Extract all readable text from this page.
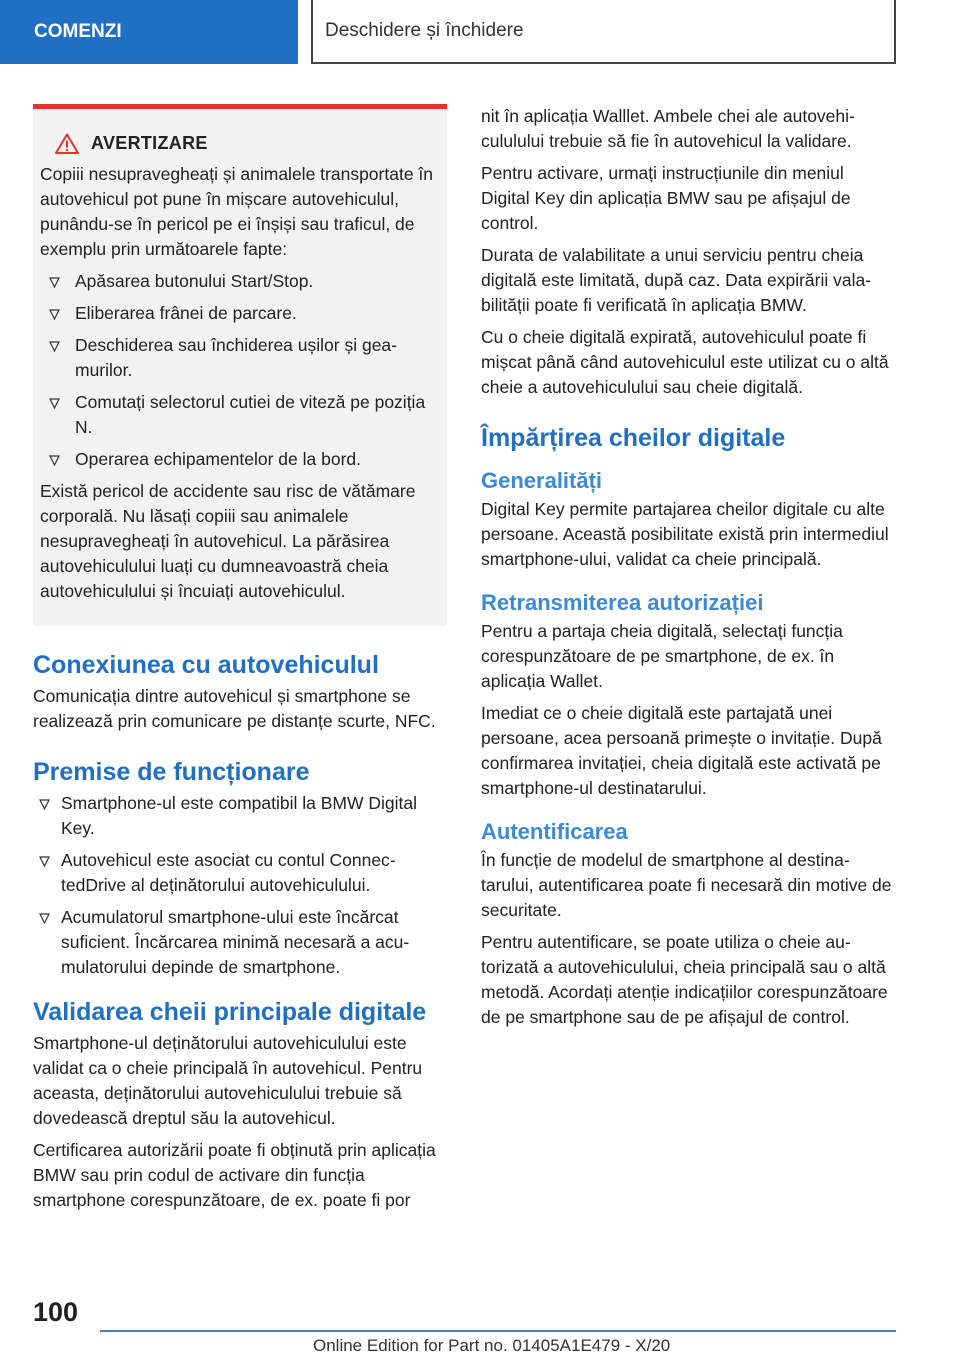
COMENZI	Deschidere și închidere
AVERTIZARE

Copiii nesupravegheați și animalele transportate în autovehicul pot pune în mișcare autovehiculul, punându-se în pericol pe ei înșiși sau traficul, de exemplu prin următoarele fapte:

Apăsarea butonului Start/Stop.
Eliberarea frânei de parcare.
Deschiderea sau închiderea ușilor și geamurilor.
Comutați selectorul cutiei de viteză pe poziția N.
Operarea echipamentelor de la bord.

Există pericol de accidente sau risc de vătămare corporală. Nu lăsați copiii sau animalele nesupravegheați în autovehicul. La părăsirea autovehiculului luați cu dumneavoastră cheia autovehiculului și încuiați autovehiculul.

Conexiunea cu autovehiculul

Comunicația dintre autovehicul și smartphone se realizează prin comunicare pe distanțe scurte, NFC.

Premise de funcționare
Smartphone-ul este compatibil la BMW Digital Key.
Autovehicul este asociat cu contul ConnectedDrive al deținătorului autovehiculului.
Acumulatorul smartphone-ului este încărcat suficient. Încărcarea minimă necesară a acumulatorului depinde de smartphone.
Validarea cheii principale digitale

Smartphone-ul deținătorului autovehiculului este validat ca o cheie principală în autovehicul. Pentru aceasta, deținătorului autovehiculului trebuie să dovedească dreptul său la autovehicul.

Certificarea autorizării poate fi obținută prin aplicația BMW sau prin codul de activare din funcția smartphone corespunzătoare, de ex. poate fi por

nit în aplicația Walllet. Ambele chei ale autovehicululului trebuie să fie în autovehicul la validare.

Pentru activare, urmați instrucțiunile din meniul Digital Key din aplicația BMW sau pe afișajul de control.

Durata de valabilitate a unui serviciu pentru cheia digitală este limitată, după caz. Data expirării valabilității poate fi verificată în aplicația BMW.

Cu o cheie digitală expirată, autovehiculul poate fi mișcat până când autovehiculul este utilizat cu o altă cheie a autovehiculului sau cheie digitală.

Împărțirea cheilor digitale
Generalități

Digital Key permite partajarea cheilor digitale cu alte persoane. Această posibilitate există prin intermediul smartphone-ului, validat ca cheie principală.

Retransmiterea autorizației

Pentru a partaja cheia digitală, selectați funcția corespunzătoare de pe smartphone, de ex. în aplicația Wallet.

Imediat ce o cheie digitală este partajată unei persoane, acea persoană primește o invitație. După confirmarea invitației, cheia digitală este activată pe smartphone-ul destinatarului.

Autentificarea

În funcție de modelul de smartphone al destinatarului, autentificarea poate fi necesară din motive de securitate.

Pentru autentificare, se poate utiliza o cheie autorizată a autovehiculului, cheia principală sau o altă metodă. Acordați atenție indicațiilor corespunzătoare de pe smartphone sau de pe afișajul de control.

100
Online Edition for Part no. 01405A1E479 - X/20
